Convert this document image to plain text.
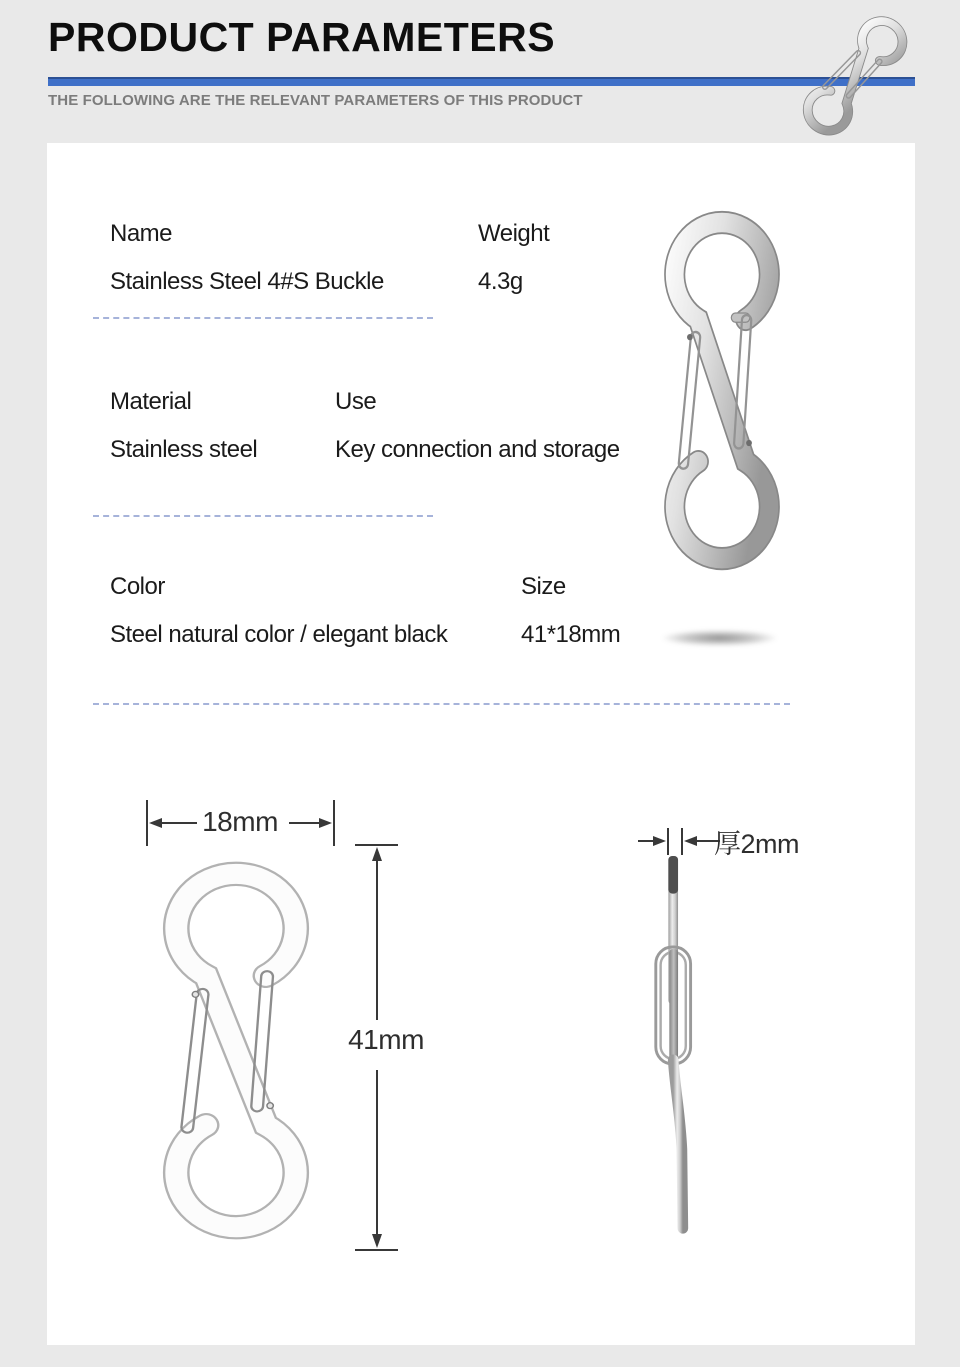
PRODUCT PARAMETERS
THE FOLLOWING ARE THE RELEVANT PARAMETERS OF THIS PRODUCT
Name
Stainless Steel 4#S Buckle
Weight
4.3g
Material
Stainless steel
Use
Key connection and storage
Color
Steel natural color / elegant black
Size
41*18mm
18mm
41mm
厚2mm
